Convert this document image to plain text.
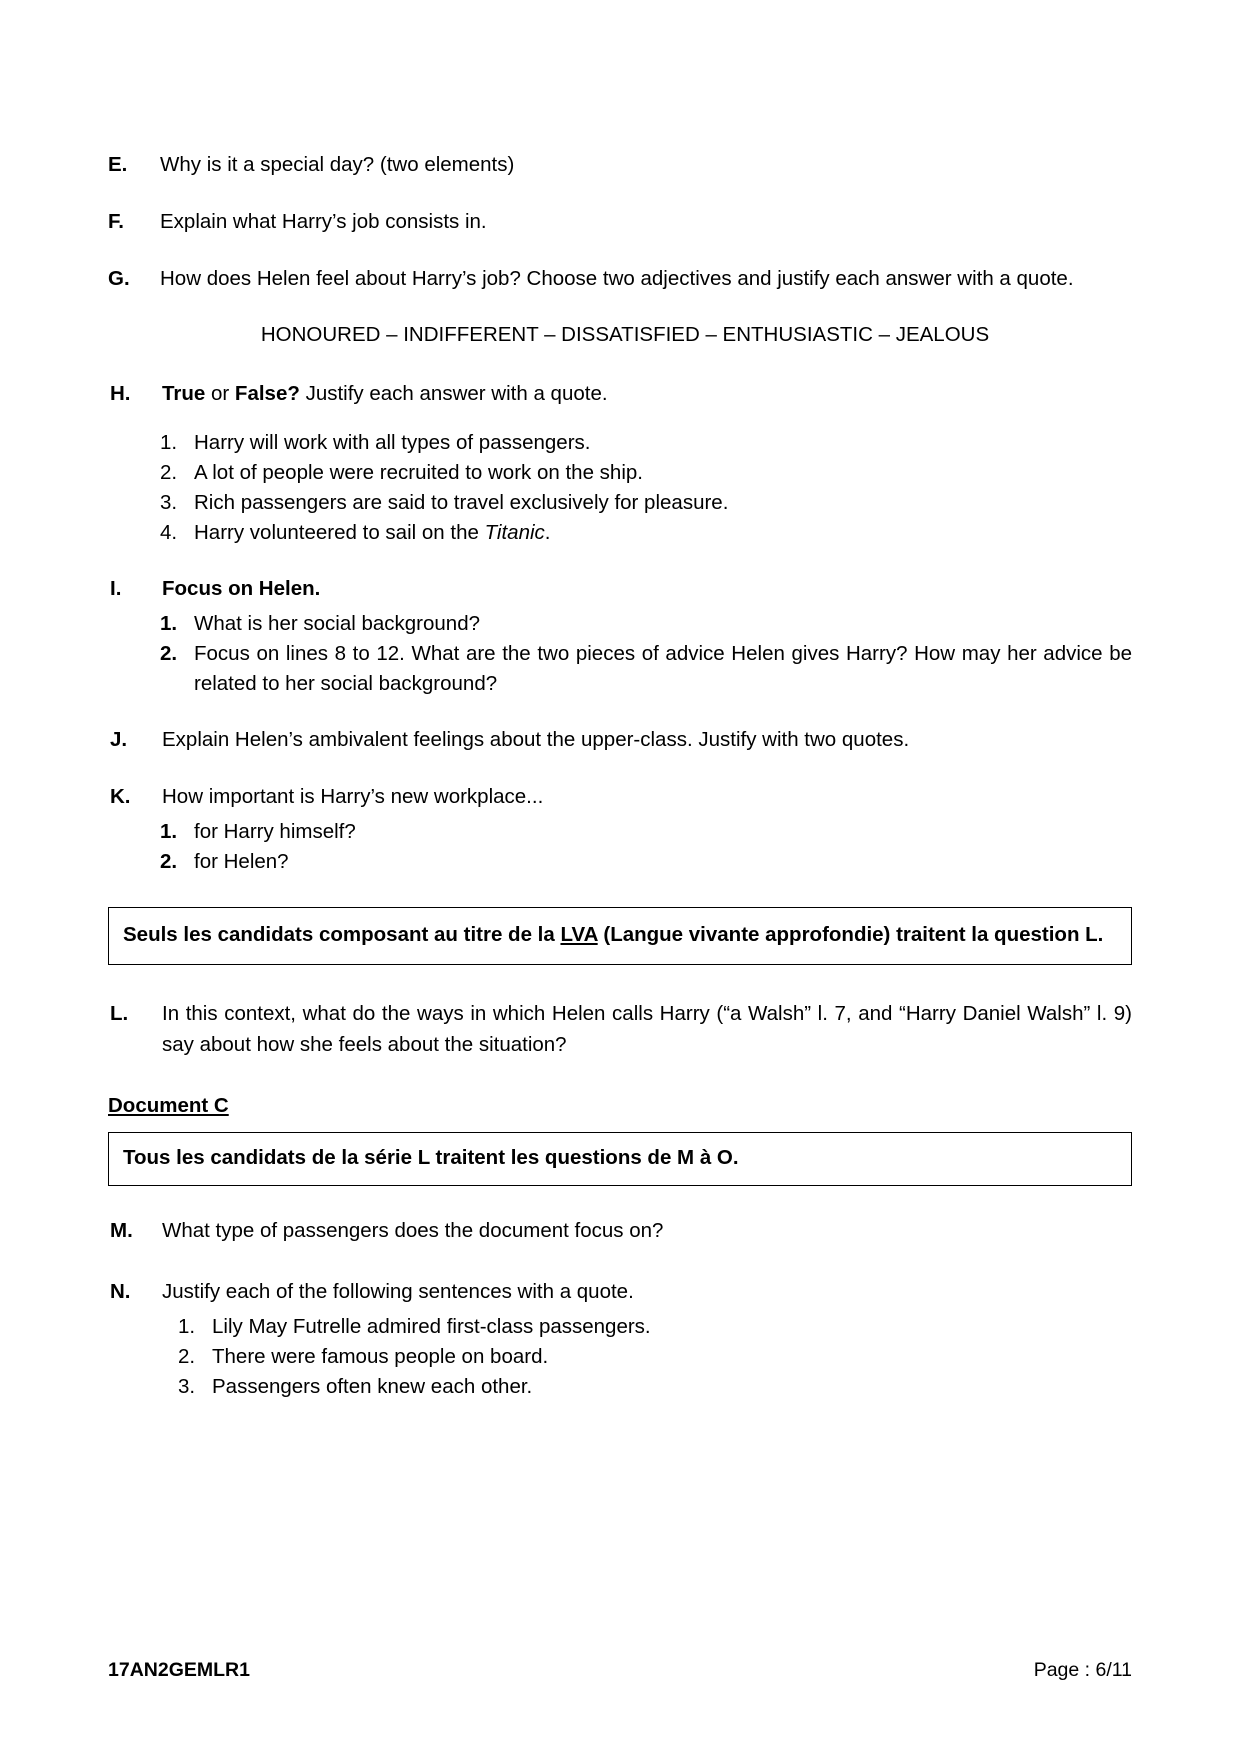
E.	Why is it a special day? (two elements)
F.	Explain what Harry’s job consists in.
G.	How does Helen feel about Harry’s job? Choose two adjectives and justify each answer with a quote.
HONOURED – INDIFFERENT – DISSATISFIED – ENTHUSIASTIC – JEALOUS
H.	True or False? Justify each answer with a quote.
1. Harry will work with all types of passengers.
2. A lot of people were recruited to work on the ship.
3. Rich passengers are said to travel exclusively for pleasure.
4. Harry volunteered to sail on the Titanic.
I.	Focus on Helen.
1. What is her social background?
2. Focus on lines 8 to 12. What are the two pieces of advice Helen gives Harry? How may her advice be related to her social background?
J.	Explain Helen’s ambivalent feelings about the upper-class. Justify with two quotes.
K.	How important is Harry’s new workplace...
1. for Harry himself?
2. for Helen?
Seuls les candidats composant au titre de la LVA (Langue vivante approfondie) traitent la question L.
L.	In this context, what do the ways in which Helen calls Harry (“a Walsh” l. 7, and “Harry Daniel Walsh” l. 9) say about how she feels about the situation?
Document C
Tous les candidats de la série L traitent les questions de M à O.
M.	What type of passengers does the document focus on?
N.	Justify each of the following sentences with a quote.
1. Lily May Futrelle admired first-class passengers.
2. There were famous people on board.
3. Passengers often knew each other.
17AN2GEMLR1	Page : 6/11
